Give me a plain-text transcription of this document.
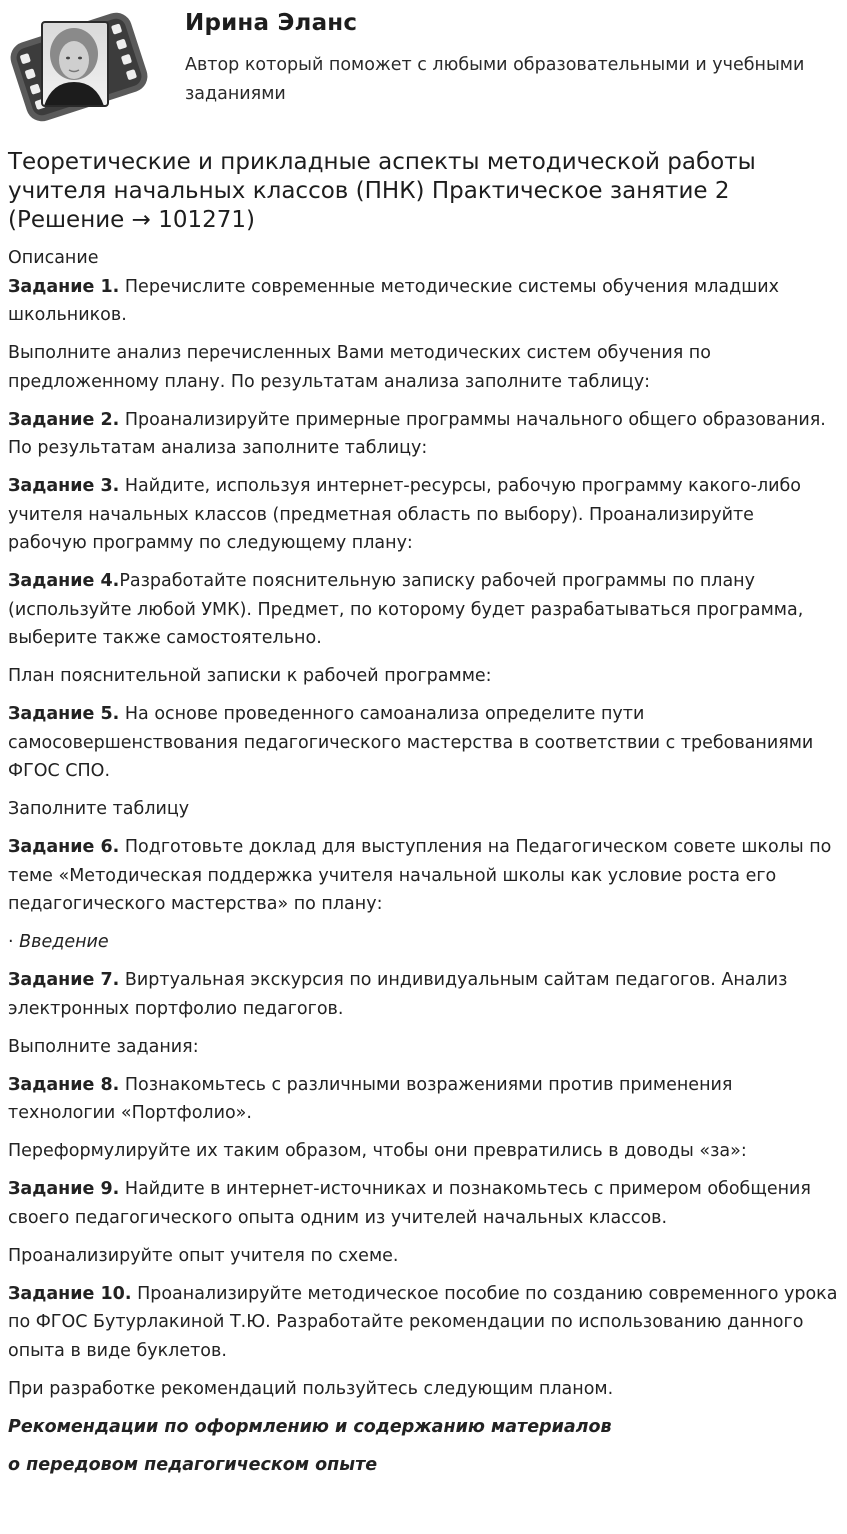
Ирина Эланс
Автор который поможет с любыми образовательными и учебными заданиями
Теоретические и прикладные аспекты методической работы учителя начальных классов (ПНК) Практическое занятие 2 (Решение → 101271)

Описание

Задание 1. Перечислите современные методические системы обучения младших школьников.

Выполните анализ перечисленных Вами методических систем обучения по предложенному плану. По результатам анализа заполните таблицу:

Задание 2. Проанализируйте примерные программы начального общего образования. По результатам анализа заполните таблицу:

Задание 3. Найдите, используя интернет-ресурсы, рабочую программу какого-либо учителя начальных классов (предметная область по выбору). Проанализируйте рабочую программу по следующему плану:

Задание 4.Разработайте пояснительную записку рабочей программы по плану (используйте любой УМК). Предмет, по которому будет разрабатываться программа, выберите также самостоятельно.

План пояснительной записки к рабочей программе:

Задание 5. На основе проведенного самоанализа определите пути самосовершенствования педагогического мастерства в соответствии с требованиями ФГОС СПО.

Заполните таблицу

Задание 6. Подготовьте доклад для выступления на Педагогическом совете школы по теме «Методическая поддержка учителя начальной школы как условие роста его педагогического мастерства» по плану:

· Введение

Задание 7. Виртуальная экскурсия по индивидуальным сайтам педагогов. Анализ электронных портфолио педагогов.

Выполните задания:

Задание 8. Познакомьтесь с различными возражениями против применения технологии «Портфолио».

Переформулируйте их таким образом, чтобы они превратились в доводы «за»:

Задание 9. Найдите в интернет-источниках и познакомьтесь с примером обобщения своего педагогического опыта одним из учителей начальных классов.

Проанализируйте опыт учителя по схеме.

Задание 10. Проанализируйте методическое пособие по созданию современного урока по ФГОС Бутурлакиной Т.Ю. Разработайте рекомендации по использованию данного опыта в виде буклетов.

При разработке рекомендаций пользуйтесь следующим планом.

Рекомендации по оформлению и содержанию материалов

о передовом педагогическом опыте
